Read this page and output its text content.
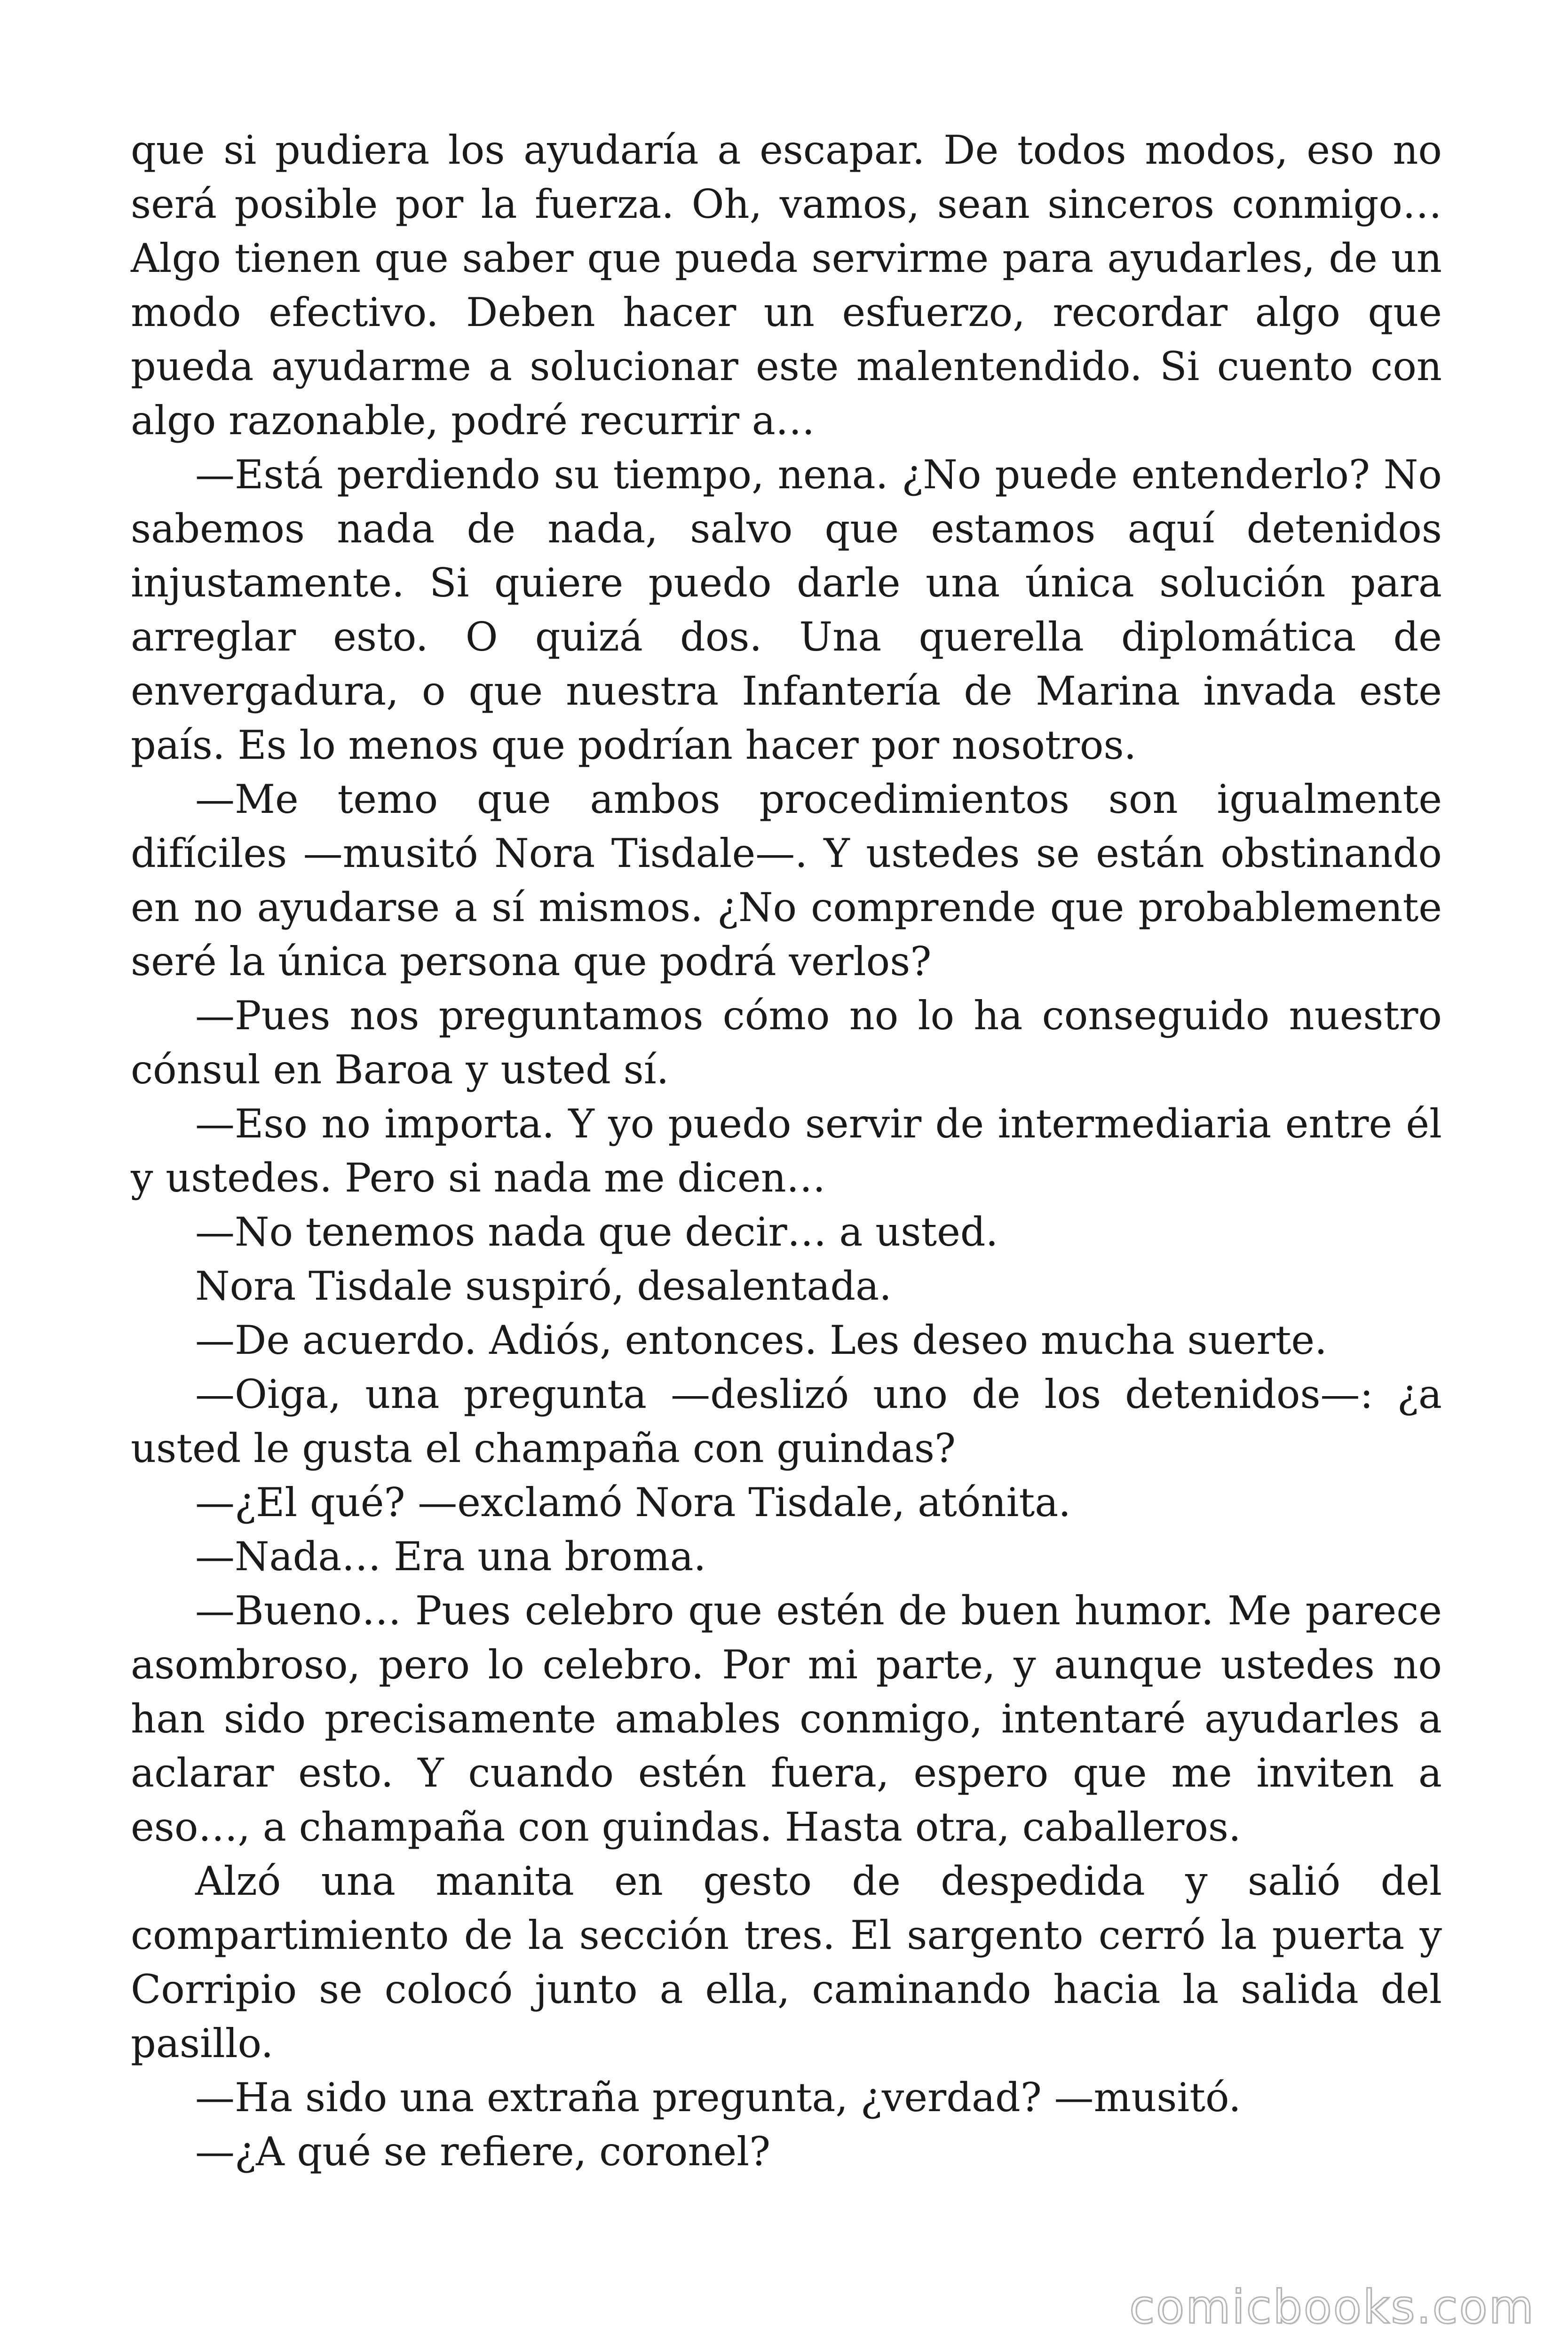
que si pudiera los ayudaría a escapar. De todos modos, eso no será posible por la fuerza. Oh, vamos, sean sinceros conmigo… Algo tienen que saber que pueda servirme para ayudarles, de un modo efectivo. Deben hacer un esfuerzo, recordar algo que pueda ayudarme a solucionar este malentendido. Si cuento con algo razonable, podré recurrir a…

—Está perdiendo su tiempo, nena. ¿No puede entenderlo? No sabemos nada de nada, salvo que estamos aquí detenidos injustamente. Si quiere puedo darle una única solución para arreglar esto. O quizá dos. Una querella diplomática de envergadura, o que nuestra Infantería de Marina invada este país. Es lo menos que podrían hacer por nosotros.

—Me temo que ambos procedimientos son igualmente difíciles —musitó Nora Tisdale—. Y ustedes se están obstinando en no ayudarse a sí mismos. ¿No comprende que probablemente seré la única persona que podrá verlos?

—Pues nos preguntamos cómo no lo ha conseguido nuestro cónsul en Baroa y usted sí.

—Eso no importa. Y yo puedo servir de intermediaria entre él y ustedes. Pero si nada me dicen…

—No tenemos nada que decir… a usted.

Nora Tisdale suspiró, desalentada.

—De acuerdo. Adiós, entonces. Les deseo mucha suerte.

—Oiga, una pregunta —deslizó uno de los detenidos—: ¿a usted le gusta el champaña con guindas?

—¿El qué? —exclamó Nora Tisdale, atónita.

—Nada… Era una broma.

—Bueno… Pues celebro que estén de buen humor. Me parece asombroso, pero lo celebro. Por mi parte, y aunque ustedes no han sido precisamente amables conmigo, intentaré ayudarles a aclarar esto. Y cuando estén fuera, espero que me inviten a eso…, a champaña con guindas. Hasta otra, caballeros.

Alzó una manita en gesto de despedida y salió del compartimiento de la sección tres. El sargento cerró la puerta y Corripio se colocó junto a ella, caminando hacia la salida del pasillo.

—Ha sido una extraña pregunta, ¿verdad? —musitó.

—¿A qué se refiere, coronel?

comicbooks.com
